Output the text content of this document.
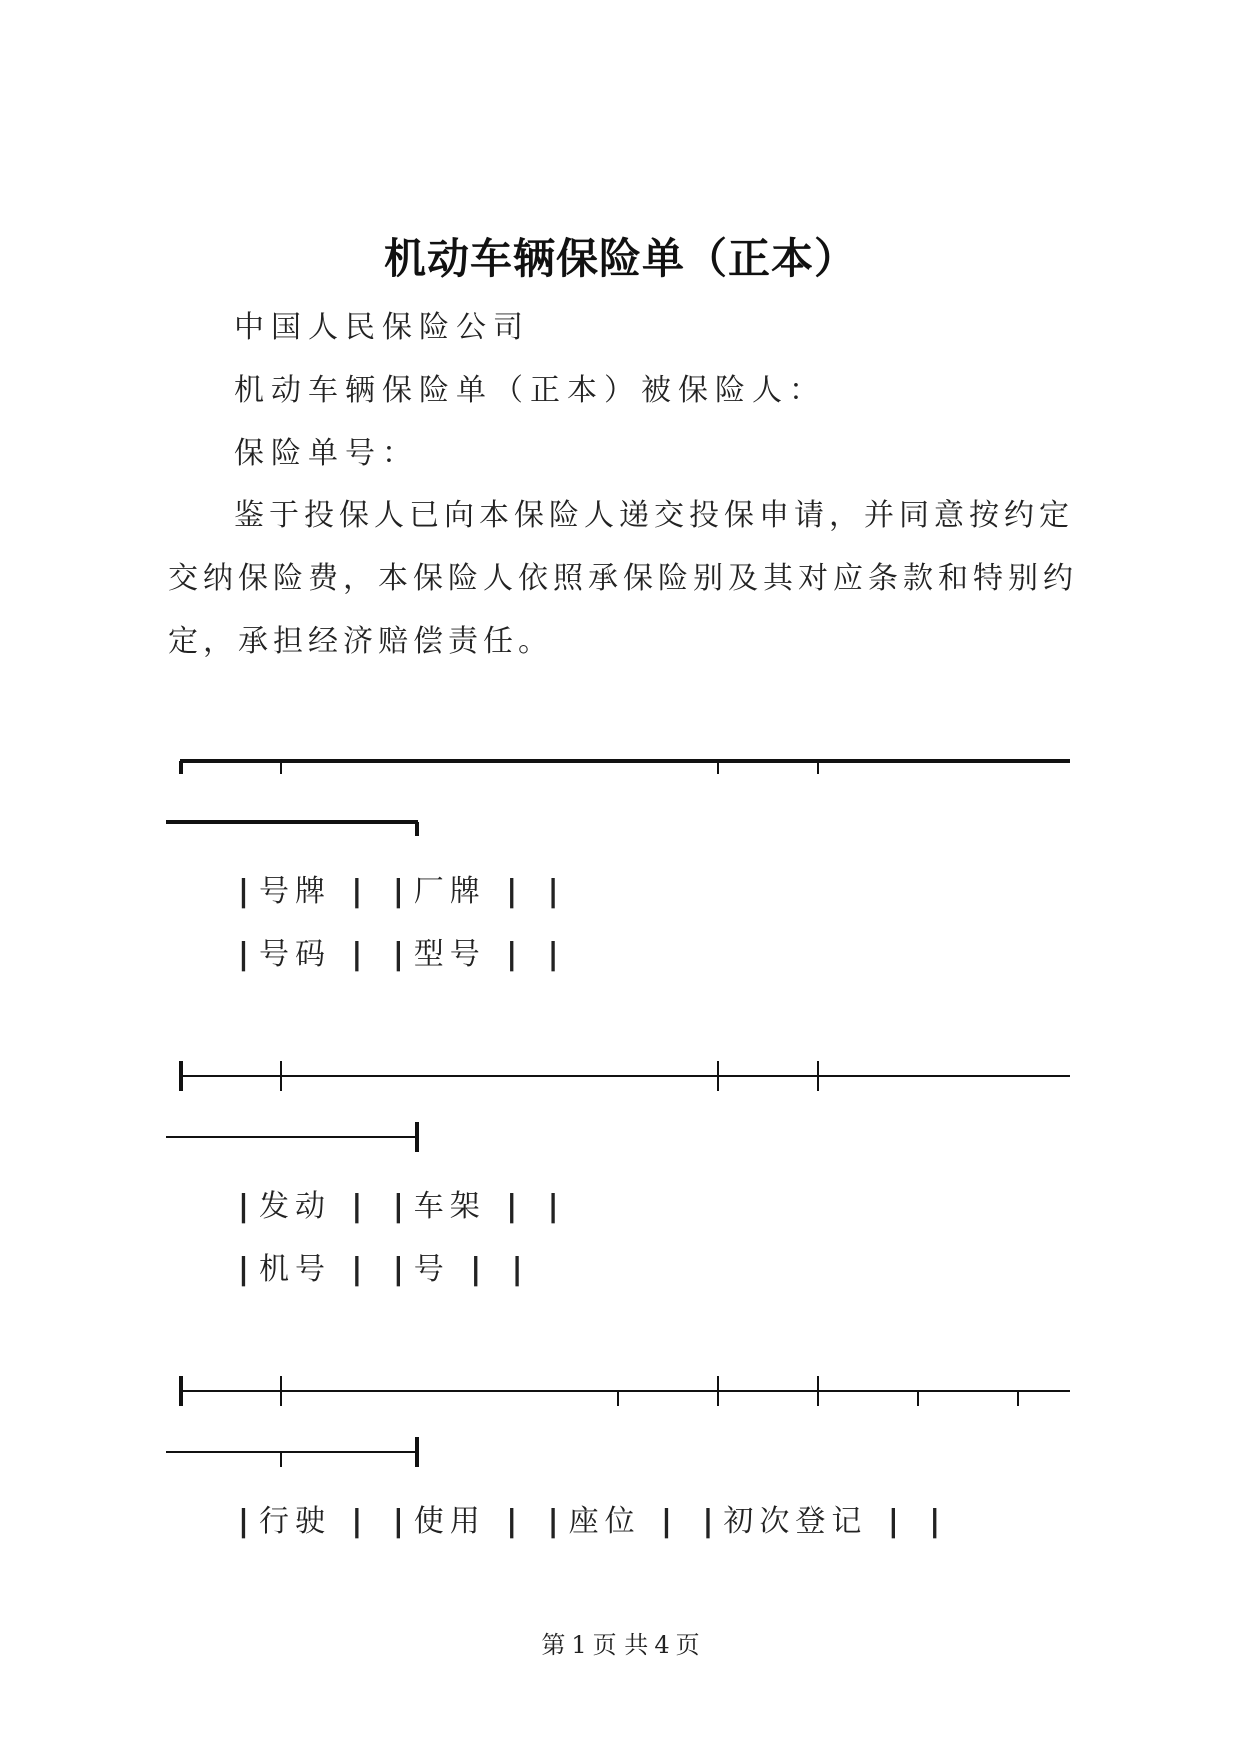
机动车辆保险单（正本）
中国人民保险公司
机动车辆保险单（正本）被保险人：
保险单号：
鉴于投保人已向本保险人递交投保申请，并同意按约定交纳保险费，本保险人依照承保险别及其对应条款和特别约定，承担经济赔偿责任。
|号牌 | |厂牌 | |
|号码 | |型号 | |
|发动 | |车架 | |
|机号 | |号 | |
|行驶 | |使用 | |座位 | |初次登记 | |
第 1 页 共 4 页
